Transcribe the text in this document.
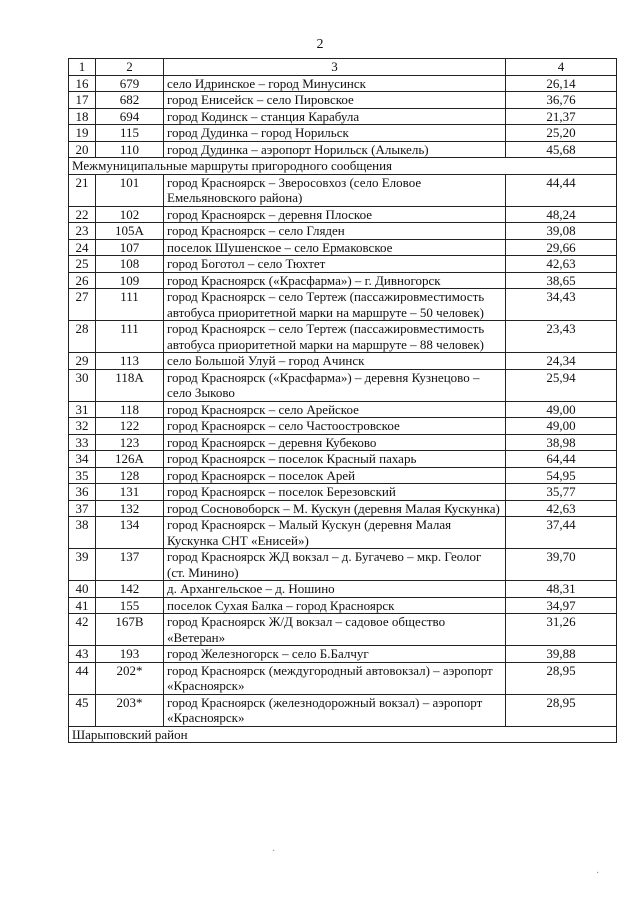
2
1	2	3	4
16	679	село Идринское – город Минусинск	26,14
17	682	город Енисейск – село Пировское	36,76
18	694	город Кодинск – станция Карабула	21,37
19	115	город Дудинка – город Норильск	25,20
20	110	город Дудинка – аэропорт Норильск (Алыкель)	45,68
Межмуниципальные маршруты пригородного сообщения			
21	101	город Красноярск – Зверосовхоз (село Еловое Емельяновского района)	44,44
22	102	город Красноярск – деревня Плоское	48,24
23	105А	город Красноярск – село Гляден	39,08
24	107	поселок Шушенское – село Ермаковское	29,66
25	108	город Боготол – село Тюхтет	42,63
26	109	город Красноярск («Красфарма») – г. Дивногорск	38,65
27	111	город Красноярск – село Тертеж (пассажировместимость автобуса приоритетной марки на маршруте – 50 человек)	34,43
28	111	город Красноярск – село Тертеж (пассажировместимость автобуса приоритетной марки на маршруте – 88 человек)	23,43
29	113	село Большой Улуй – город Ачинск	24,34
30	118А	город Красноярск («Красфарма») – деревня Кузнецово – село Зыково	25,94
31	118	город Красноярск – село Арейское	49,00
32	122	город Красноярск – село Частоостровское	49,00
33	123	город Красноярск – деревня Кубеково	38,98
34	126А	город Красноярск – поселок Красный пахарь	64,44
35	128	город Красноярск – поселок Арей	54,95
36	131	город Красноярск – поселок Березовский	35,77
37	132	город Сосновоборск – М. Кускун (деревня Малая Кускунка)	42,63
38	134	город Красноярск – Малый Кускун (деревня Малая Кускунка СНТ «Енисей»)	37,44
39	137	город Красноярск ЖД вокзал – д. Бугачево – мкр. Геолог (ст. Минино)	39,70
40	142	д. Архангельское – д. Ношино	48,31
41	155	поселок Сухая Балка – город Красноярск	34,97
42	167В	город Красноярск Ж/Д вокзал – садовое общество «Ветеран»	31,26
43	193	город Железногорск – село Б.Балчуг	39,88
44	202*	город Красноярск (междугородный автовокзал) – аэропорт «Красноярск»	28,95
45	203*	город Красноярск (железнодорожный вокзал) – аэропорт «Красноярск»	28,95
Шарыповский район			
·
·
